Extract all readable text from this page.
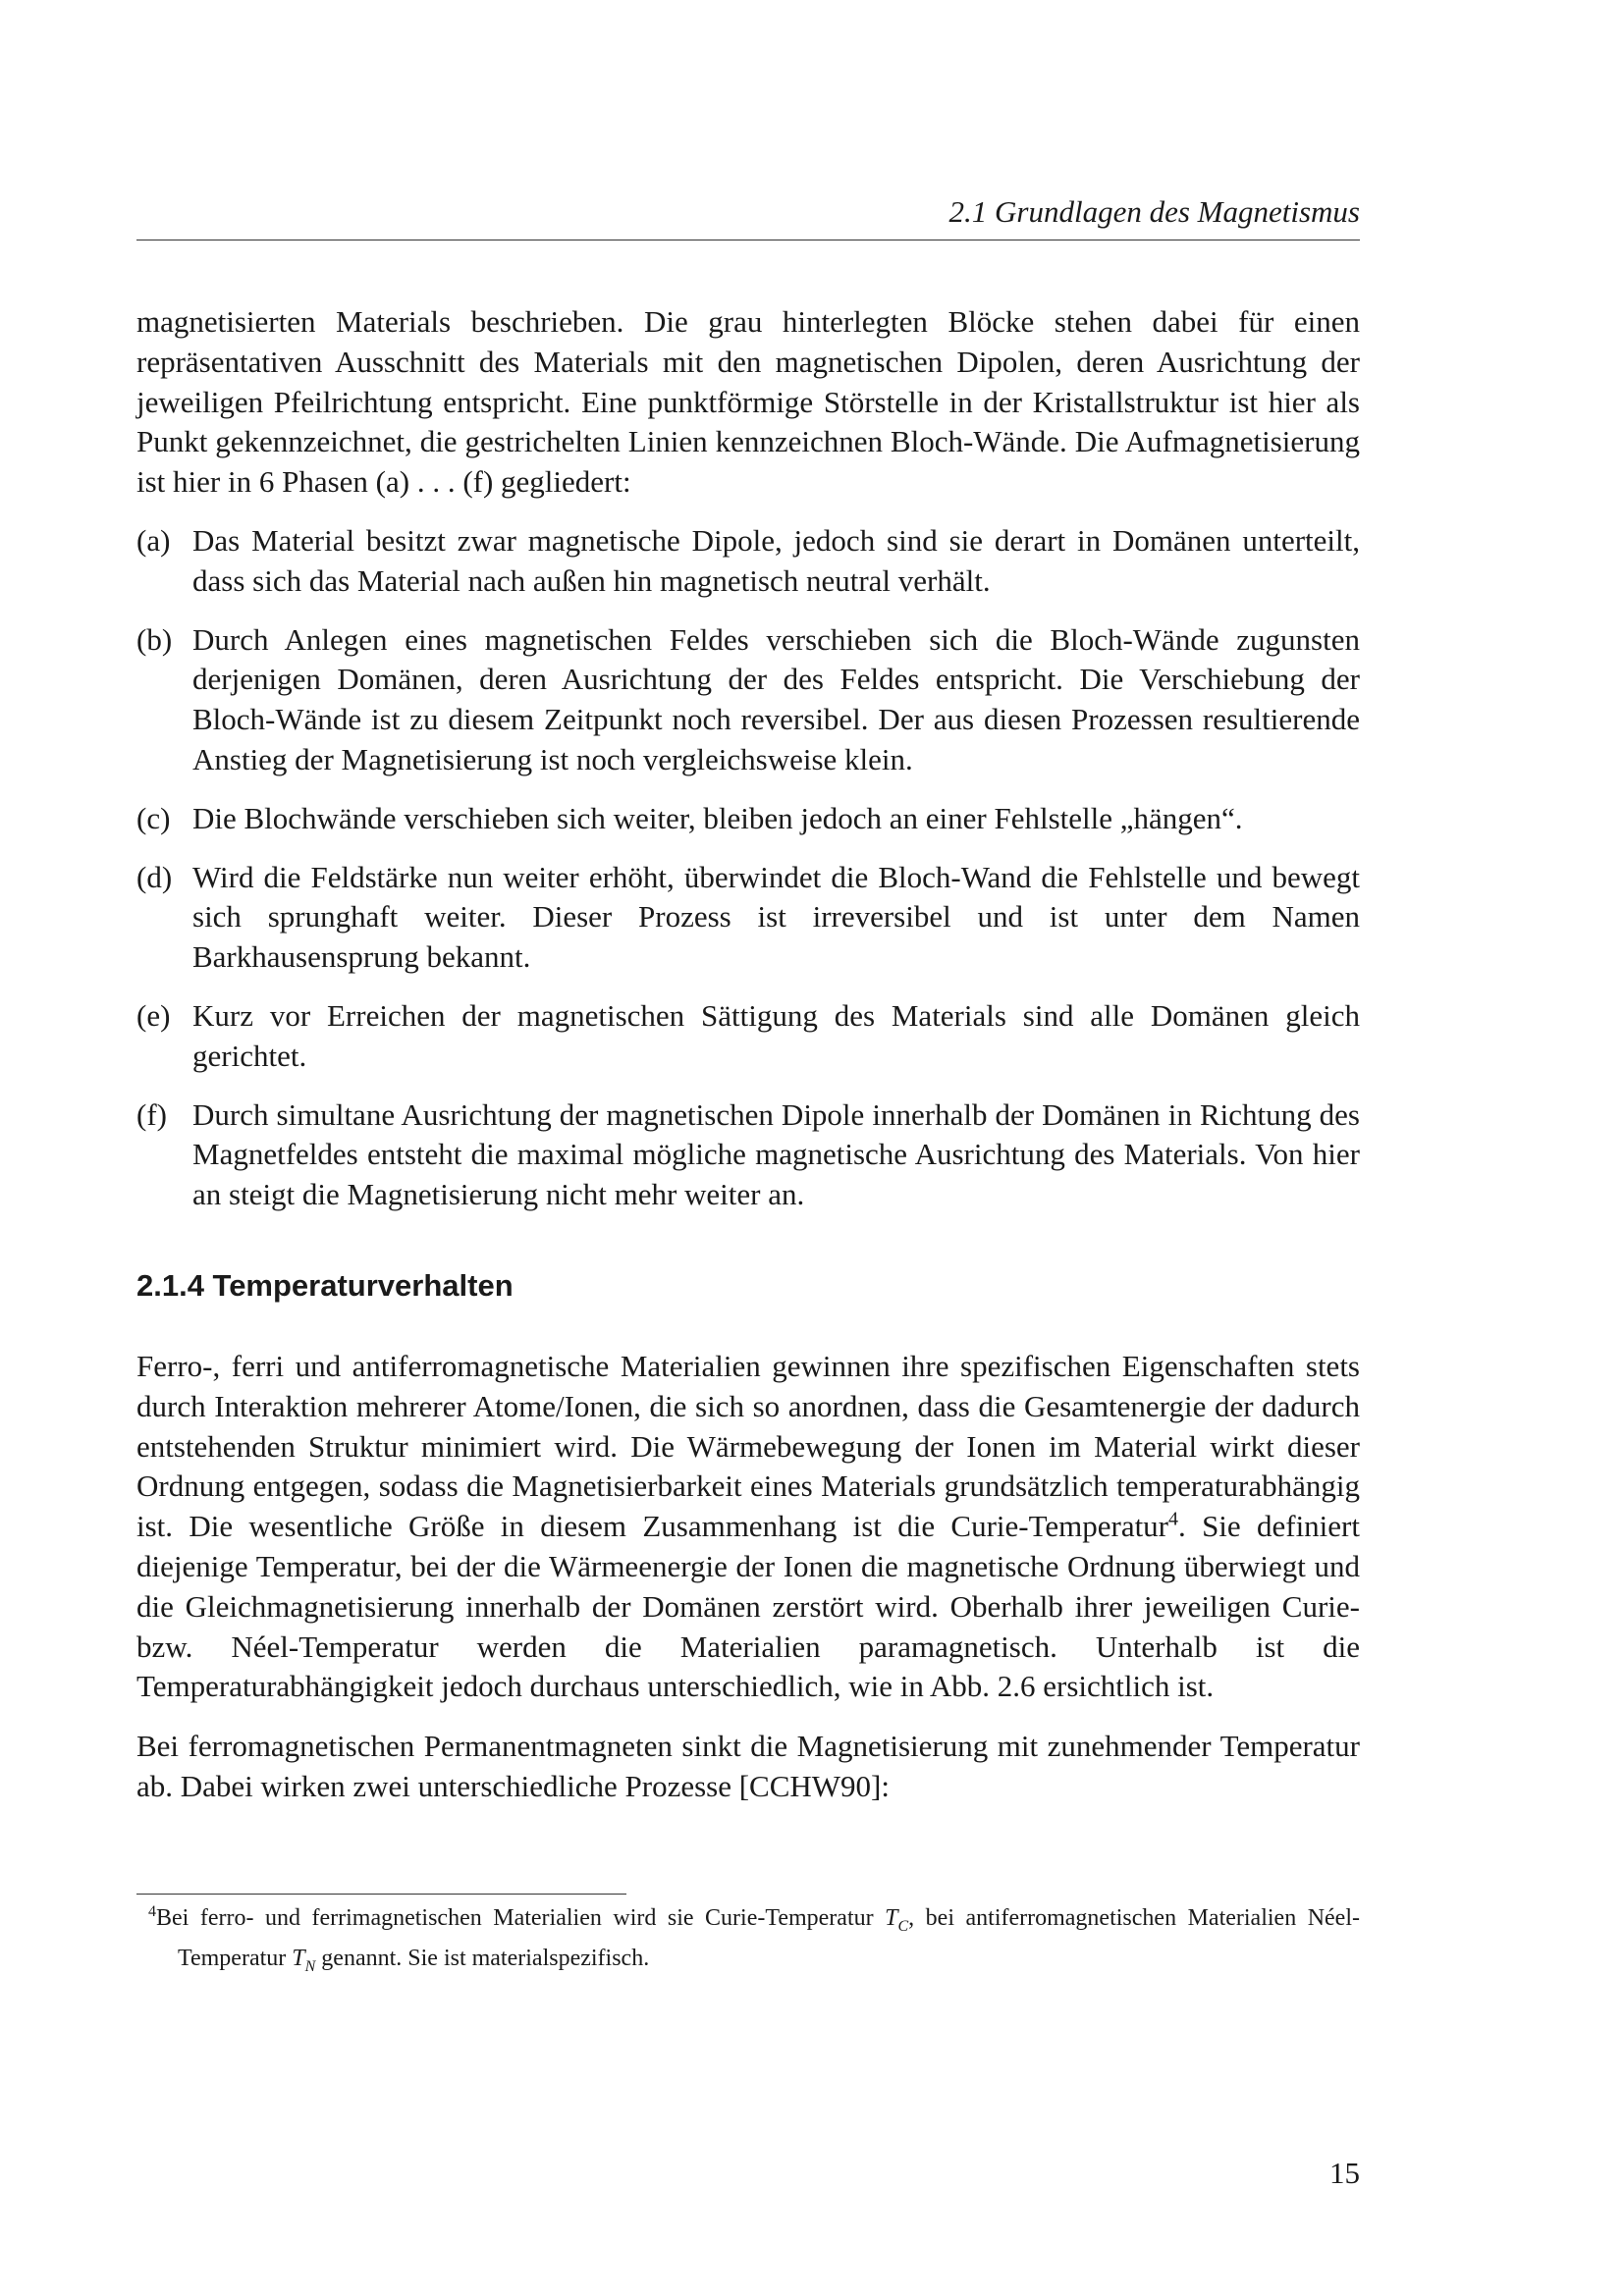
2.1 Grundlagen des Magnetismus

magnetisierten Materials beschrieben. Die grau hinterlegten Blöcke stehen dabei für einen repräsentativen Ausschnitt des Materials mit den magnetischen Dipolen, deren Ausrichtung der jeweiligen Pfeilrichtung entspricht. Eine punktförmige Störstelle in der Kristallstruktur ist hier als Punkt gekennzeichnet, die gestrichelten Linien kennzeichnen Bloch-Wände. Die Aufmagnetisierung ist hier in 6 Phasen (a) . . . (f) gegliedert:

(a) Das Material besitzt zwar magnetische Dipole, jedoch sind sie derart in Domänen unterteilt, dass sich das Material nach außen hin magnetisch neutral verhält.
(b) Durch Anlegen eines magnetischen Feldes verschieben sich die Bloch-Wände zugunsten derjenigen Domänen, deren Ausrichtung der des Feldes entspricht. Die Verschiebung der Bloch-Wände ist zu diesem Zeitpunkt noch reversibel. Der aus diesen Prozessen resultierende Anstieg der Magnetisierung ist noch vergleichsweise klein.
(c) Die Blochwände verschieben sich weiter, bleiben jedoch an einer Fehlstelle „hängen“.
(d) Wird die Feldstärke nun weiter erhöht, überwindet die Bloch-Wand die Fehlstelle und bewegt sich sprunghaft weiter. Dieser Prozess ist irreversibel und ist unter dem Namen Barkhausensprung bekannt.
(e) Kurz vor Erreichen der magnetischen Sättigung des Materials sind alle Domänen gleich gerichtet.
(f) Durch simultane Ausrichtung der magnetischen Dipole innerhalb der Domänen in Richtung des Magnetfeldes entsteht die maximal mögliche magnetische Ausrichtung des Materials. Von hier an steigt die Magnetisierung nicht mehr weiter an.
2.1.4 Temperaturverhalten

Ferro-, ferri und antiferromagnetische Materialien gewinnen ihre spezifischen Eigenschaften stets durch Interaktion mehrerer Atome/Ionen, die sich so anordnen, dass die Gesamtenergie der dadurch entstehenden Struktur minimiert wird. Die Wärmebewegung der Ionen im Material wirkt dieser Ordnung entgegen, sodass die Magnetisierbarkeit eines Materials grundsätzlich temperaturabhängig ist. Die wesentliche Größe in diesem Zusammenhang ist die Curie-Temperatur$^4$. Sie definiert diejenige Temperatur, bei der die Wärmeenergie der Ionen die magnetische Ordnung überwiegt und die Gleichmagnetisierung innerhalb der Domänen zerstört wird. Oberhalb ihrer jeweiligen Curie- bzw. Néel-Temperatur werden die Materialien paramagnetisch. Unterhalb ist die Temperaturabhängigkeit jedoch durchaus unterschiedlich, wie in Abb. 2.6 ersichtlich ist.

Bei ferromagnetischen Permanentmagneten sinkt die Magnetisierung mit zunehmender Temperatur ab. Dabei wirken zwei unterschiedliche Prozesse [CCHW90]:

$^4$Bei ferro- und ferrimagnetischen Materialien wird sie Curie-Temperatur $T_C$, bei antiferromagnetischen Materialien Néel-Temperatur $T_N$ genannt. Sie ist materialspezifisch.

15
